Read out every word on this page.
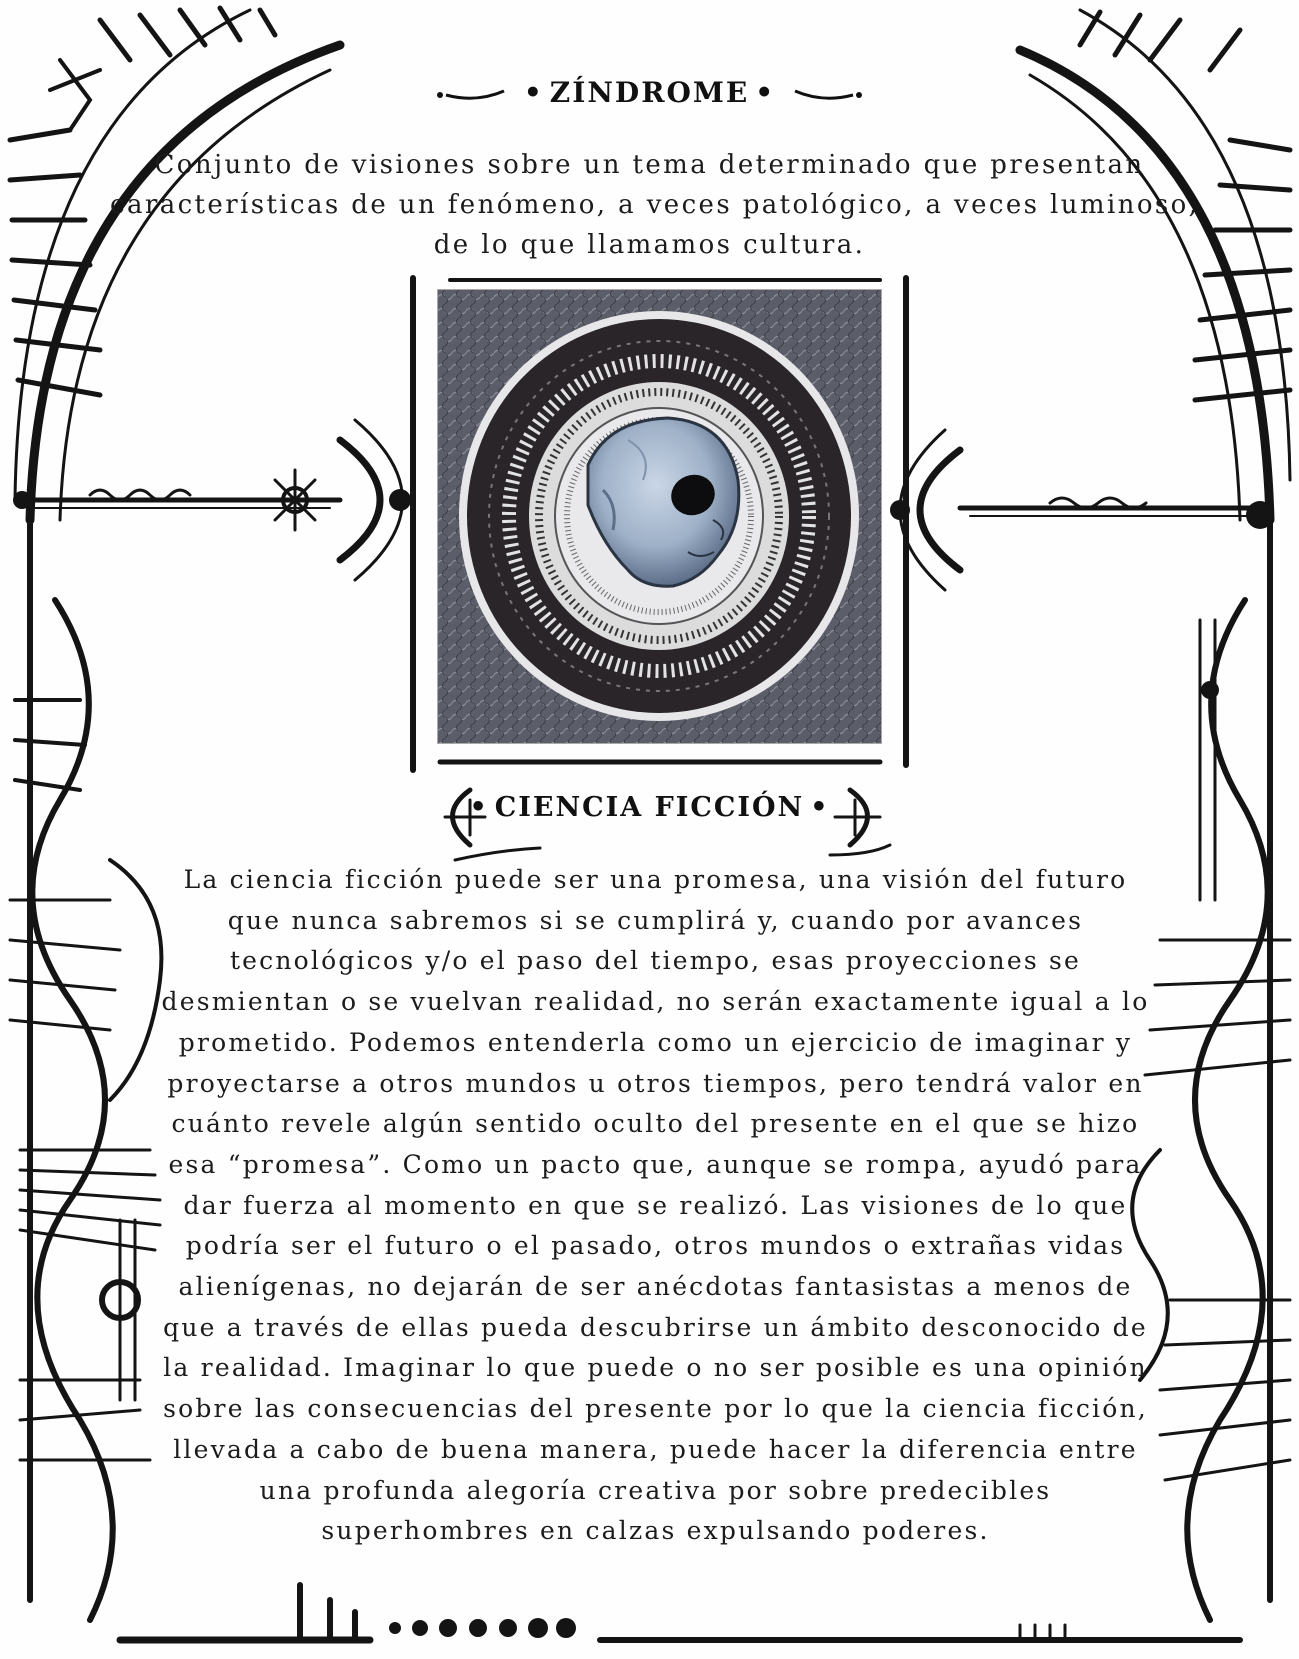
• ZÍNDROME •
Conjunto de visiones sobre un tema determinado que presentan
características de un fenómeno, a veces patológico, a veces luminoso,
de lo que llamamos cultura.
• CIENCIA FICCIÓN •
La ciencia ficción puede ser una promesa, una visión del futuro
que nunca sabremos si se cumplirá y, cuando por avances
tecnológicos y/o el paso del tiempo, esas proyecciones se
desmientan o se vuelvan realidad, no serán exactamente igual a lo
prometido. Podemos entenderla como un ejercicio de imaginar y
proyectarse a otros mundos u otros tiempos, pero tendrá valor en
cuánto revele algún sentido oculto del presente en el que se hizo
esa “promesa”. Como un pacto que, aunque se rompa, ayudó para
dar fuerza al momento en que se realizó. Las visiones de lo que
podría ser el futuro o el pasado, otros mundos o extrañas vidas
alienígenas, no dejarán de ser anécdotas fantasistas a menos de
que a través de ellas pueda descubrirse un ámbito desconocido de
la realidad. Imaginar lo que puede o no ser posible es una opinión
sobre las consecuencias del presente por lo que la ciencia ficción,
llevada a cabo de buena manera, puede hacer la diferencia entre
una profunda alegoría creativa por sobre predecibles
superhombres en calzas expulsando poderes.
